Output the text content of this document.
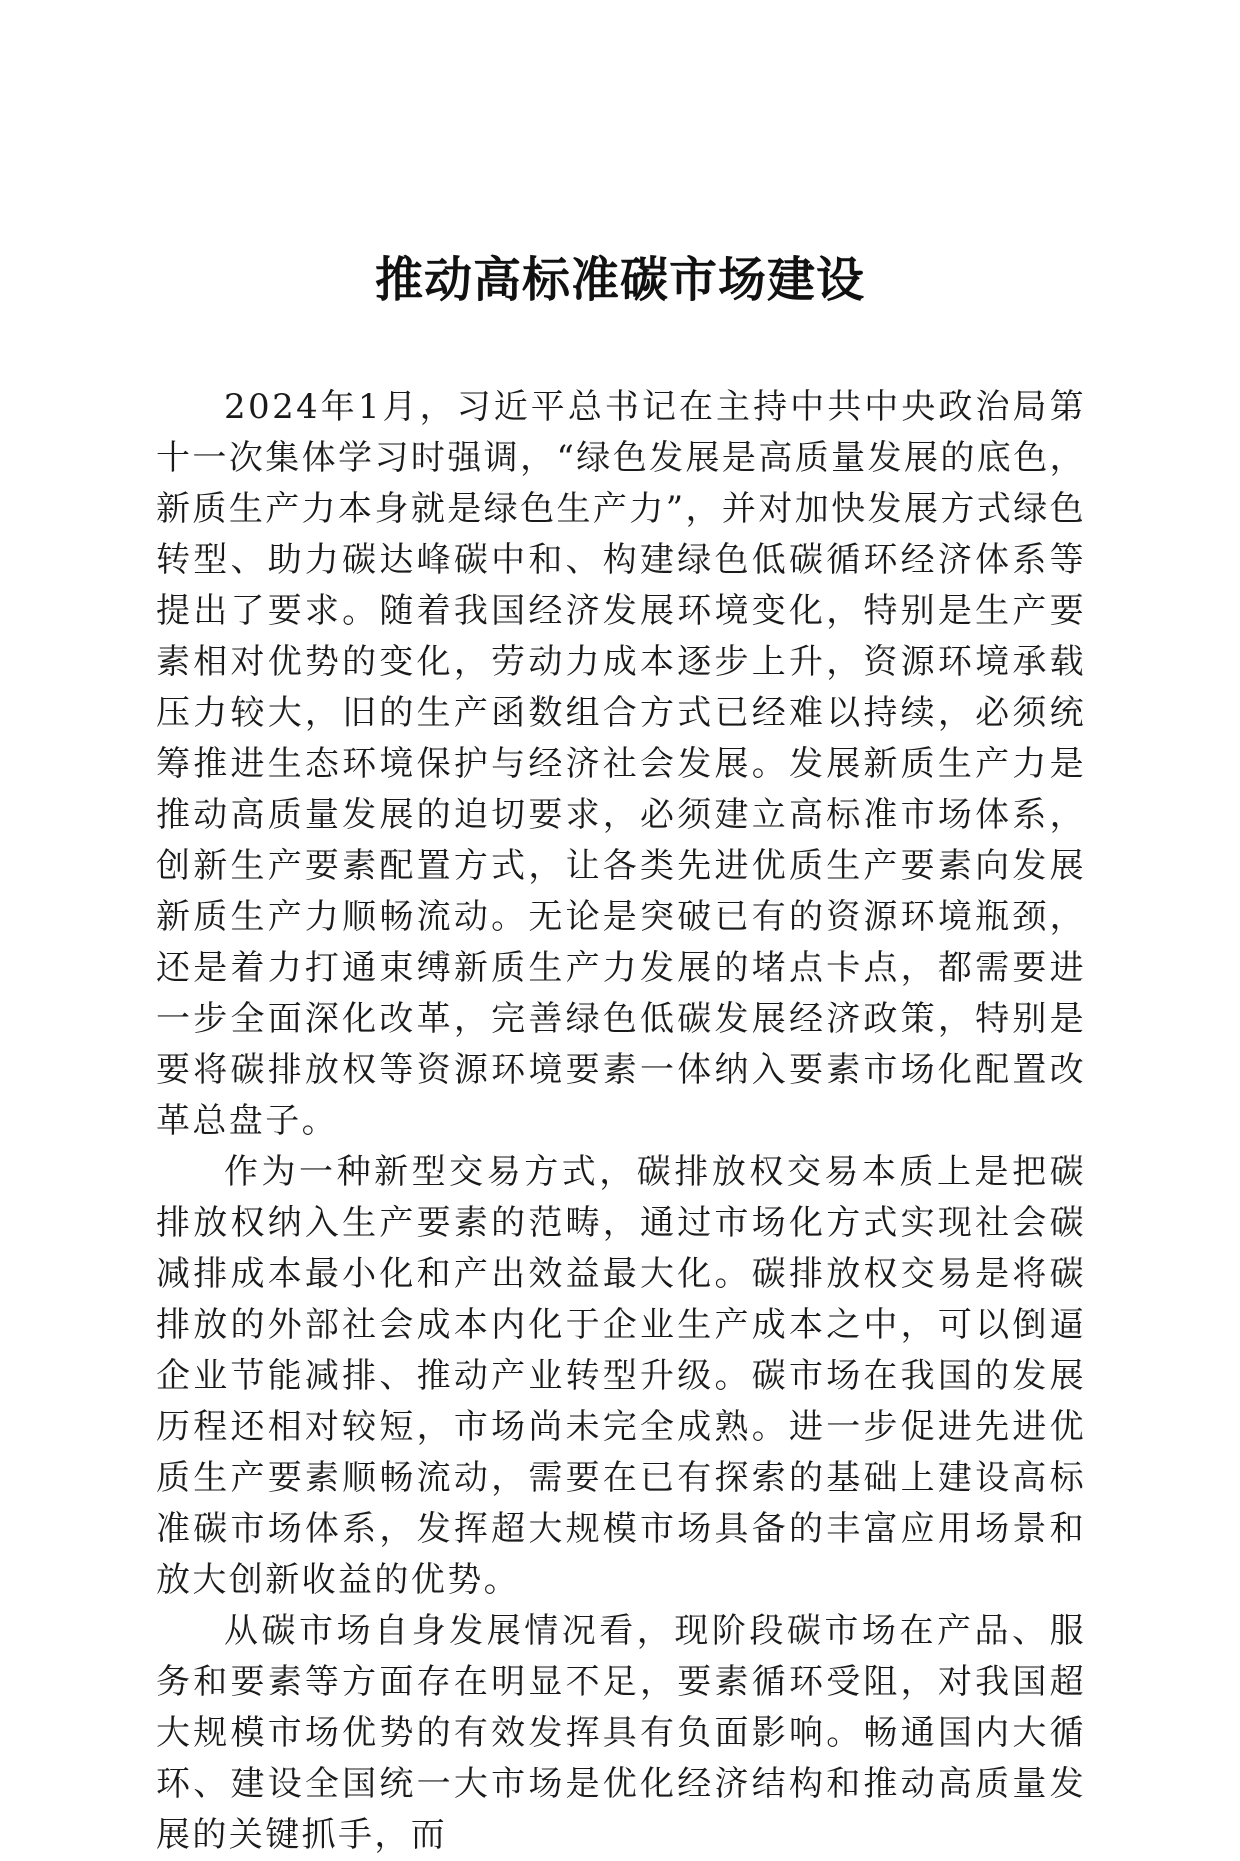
推动高标准碳市场建设

2024年1月，习近平总书记在主持中共中央政治局第十一次集体学习时强调，“绿色发展是高质量发展的底色，新质生产力本身就是绿色生产力”，并对加快发展方式绿色转型、助力碳达峰碳中和、构建绿色低碳循环经济体系等提出了要求。随着我国经济发展环境变化，特别是生产要素相对优势的变化，劳动力成本逐步上升，资源环境承载压力较大，旧的生产函数组合方式已经难以持续，必须统筹推进生态环境保护与经济社会发展。发展新质生产力是推动高质量发展的迫切要求，必须建立高标准市场体系，创新生产要素配置方式，让各类先进优质生产要素向发展新质生产力顺畅流动。无论是突破已有的资源环境瓶颈，还是着力打通束缚新质生产力发展的堵点卡点，都需要进一步全面深化改革，完善绿色低碳发展经济政策，特别是要将碳排放权等资源环境要素一体纳入要素市场化配置改革总盘子。

作为一种新型交易方式，碳排放权交易本质上是把碳排放权纳入生产要素的范畴，通过市场化方式实现社会碳减排成本最小化和产出效益最大化。碳排放权交易是将碳排放的外部社会成本内化于企业生产成本之中，可以倒逼企业节能减排、推动产业转型升级。碳市场在我国的发展历程还相对较短，市场尚未完全成熟。进一步促进先进优质生产要素顺畅流动，需要在已有探索的基础上建设高标准碳市场体系，发挥超大规模市场具备的丰富应用场景和放大创新收益的优势。

从碳市场自身发展情况看，现阶段碳市场在产品、服务和要素等方面存在明显不足，要素循环受阻，对我国超大规模市场优势的有效发挥具有负面影响。畅通国内大循环、建设全国统一大市场是优化经济结构和推动高质量发展的关键抓手，而
